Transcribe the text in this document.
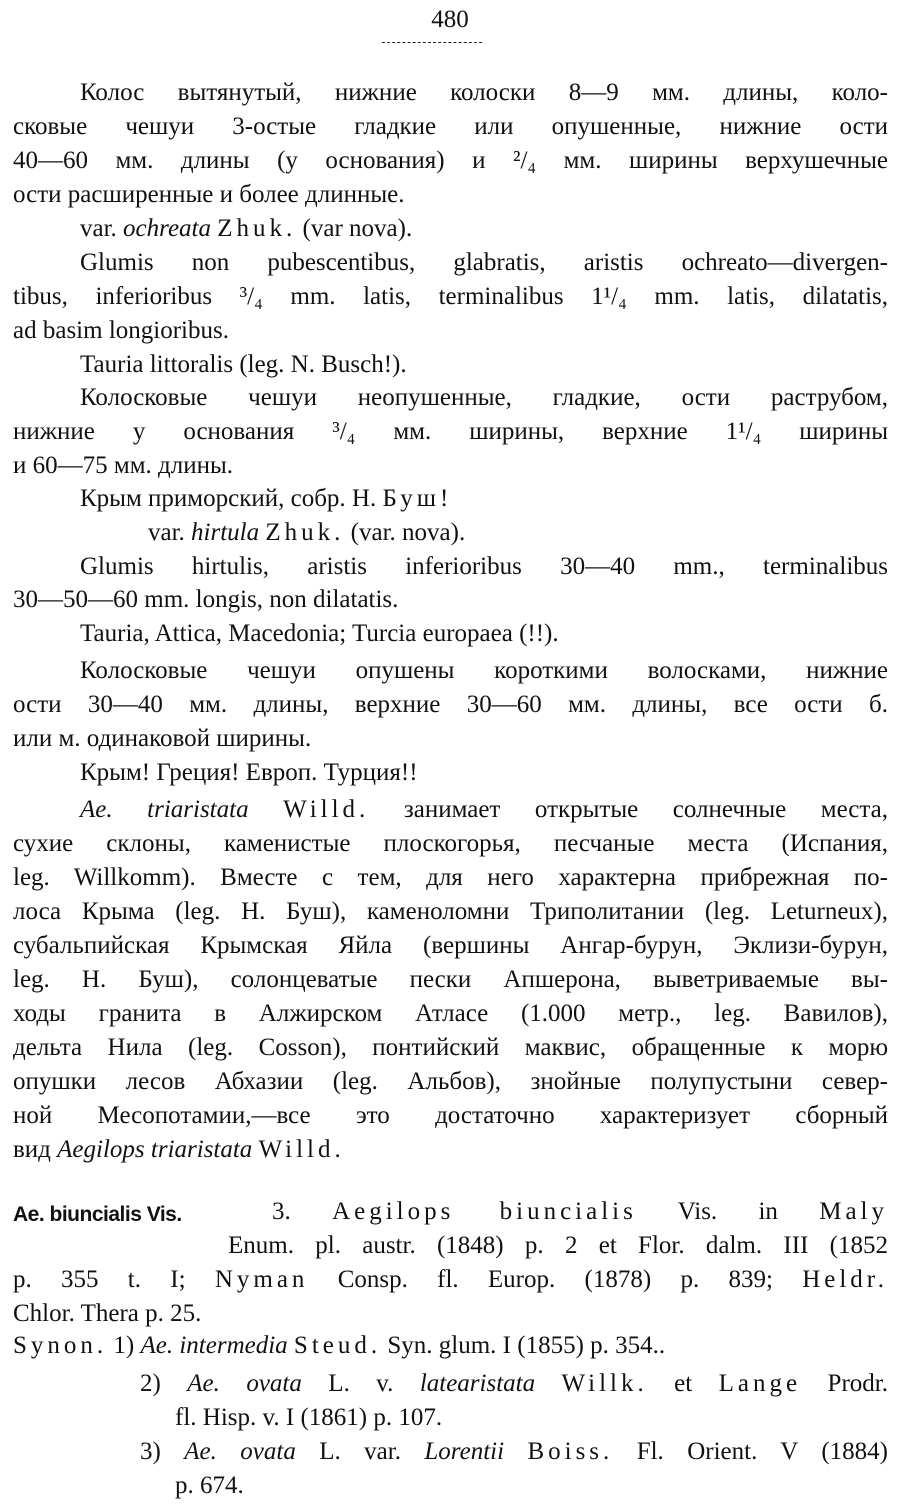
480
Колос вытянутый, нижние колоски 8—9 мм. длины, коло-
сковые чешуи 3-остые гладкие или опушенные, нижние ости
40—60 мм. длины (у основания) и ²/₄ мм. ширины верхушечные
ости расширенные и более длинные.
var. ochreata Zhuk. (var nova).
Glumis non pubescentibus, glabratis, aristis ochreato—divergen-
tibus, inferioribus ³/₄ mm. latis, terminalibus 1¹/₄ mm. latis, dilatatis,
ad basim longioribus.
Tauria littoralis (leg. N. Busch!).
Колосковые чешуи неопушенные, гладкие, ости раструбом,
нижние у основания ³/₄ мм. ширины, верхние 1¹/₄ ширины
и 60—75 мм. длины.
Крым приморский, собр. Н. Буш!
var. hirtula Zhuk. (var. nova).
Glumis hirtulis, aristis inferioribus 30—40 mm., terminalibus
30—50—60 mm. longis, non dilatatis.
Tauria, Attica, Macedonia; Turcia europaea (!!).
Колосковые чешуи опушены короткими волосками, нижние
ости 30—40 мм. длины, верхние 30—60 мм. длины, все ости б.
или м. одинаковой ширины.
Крым! Греция! Европ. Турция!!
Ae. triaristata Willd. занимает открытые солнечные места,
сухие склоны, каменистые плоскогорья, песчаные места (Испания,
leg. Willkomm). Вместе с тем, для него характерна прибрежная по-
лоса Крыма (leg. Н. Буш), каменоломни Триполитании (leg. Leturneux),
субальпийская Крымская Яйла (вершины Ангар-бурун, Эклизи-бурун,
leg. Н. Буш), солонцеватые пески Апшерона, выветриваемые вы-
ходы гранита в Алжирском Атласе (1.000 метр., leg. Вавилов),
дельта Нила (leg. Cosson), понтийский маквис, обращенные к морю
опушки лесов Абхазии (leg. Альбов), знойные полупустыни север-
ной Месопотамии,—все это достаточно характеризует сборный
вид Aegilops triaristata Willd.
Ae. biuncialis Vis.	3. Aegilops biuncialis Vis. in Maly
Enum. pl. austr. (1848) p. 2 et Flor. dalm. III (1852
p. 355 t. I; Nyman Consp. fl. Europ. (1878) p. 839; Heldr.
Chlor. Thera p. 25.
Synon. 1) Ae. intermedia Steud. Syn. glum. I (1855) p. 354..
2) Ae. ovata L. v. latearistata Willk. et Lange Prodr.
fl. Hisp. v. I (1861) p. 107.
3) Ae. ovata L. var. Lorentii Boiss. Fl. Orient. V (1884)
p. 674.
